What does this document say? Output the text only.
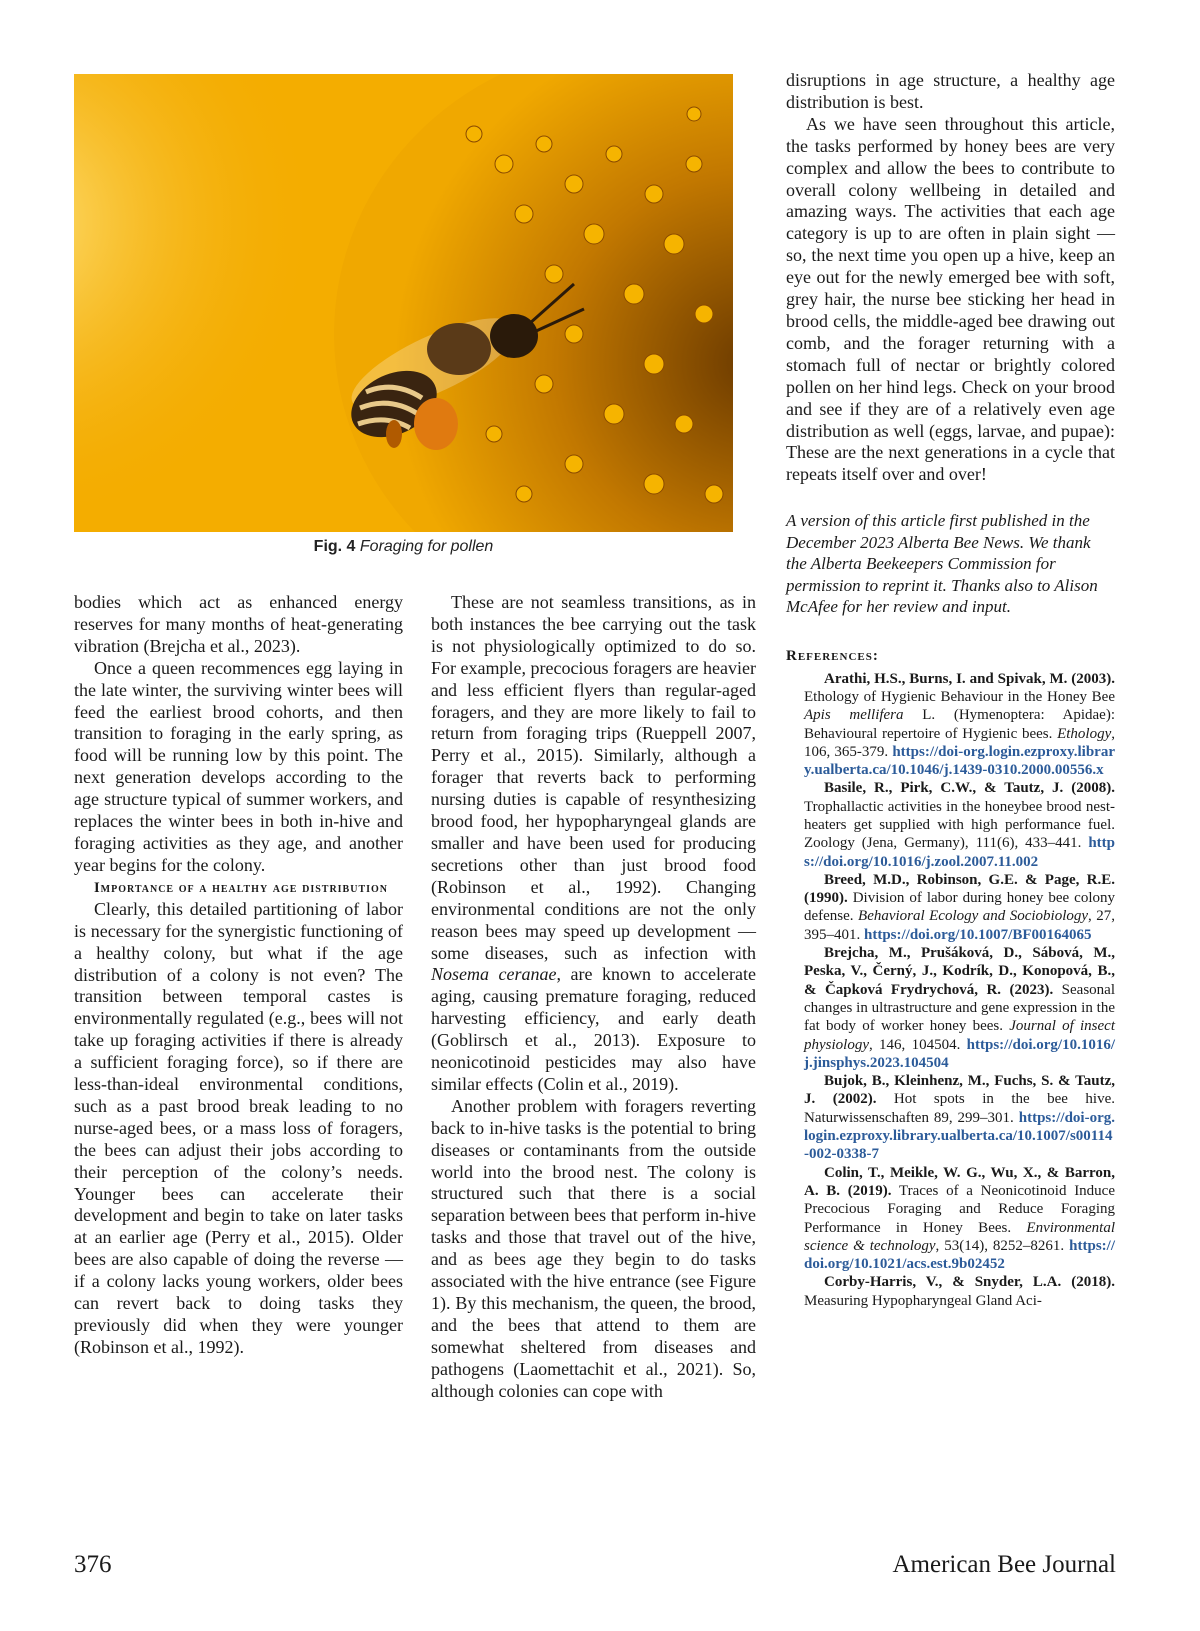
Fig. 4 Foraging for pollen

bodies which act as enhanced energy reserves for many months of heat-generating vibration (Brejcha et al., 2023).

Once a queen recommences egg laying in the late winter, the surviving winter bees will feed the earliest brood cohorts, and then transition to foraging in the early spring, as food will be running low by this point. The next generation develops according to the age structure typical of summer workers, and replaces the winter bees in both in-hive and foraging activities as they age, and another year begins for the colony.

Importance of a healthy age distribution

Clearly, this detailed partitioning of labor is necessary for the synergistic functioning of a healthy colony, but what if the age distribution of a colony is not even? The transition between temporal castes is environmentally regulated (e.g., bees will not take up foraging activities if there is already a sufficient foraging force), so if there are less-than-ideal environmental conditions, such as a past brood break leading to no nurse-aged bees, or a mass loss of foragers, the bees can adjust their jobs according to their perception of the colony’s needs. Younger bees can accelerate their development and begin to take on later tasks at an earlier age (Perry et al., 2015). Older bees are also capable of doing the reverse — if a colony lacks young workers, older bees can revert back to doing tasks they previously did when they were younger (Robinson et al., 1992).

These are not seamless transitions, as in both instances the bee carrying out the task is not physiologically optimized to do so. For example, precocious foragers are heavier and less efficient flyers than regular-aged foragers, and they are more likely to fail to return from foraging trips (Rueppell 2007, Perry et al., 2015). Similarly, although a forager that reverts back to performing nursing duties is capable of resynthesizing brood food, her hypopharyngeal glands are smaller and have been used for producing secretions other than just brood food (Robinson et al., 1992). Changing environmental conditions are not the only reason bees may speed up development — some diseases, such as infection with Nosema ceranae, are known to accelerate aging, causing premature foraging, reduced harvesting efficiency, and early death (Goblirsch et al., 2013). Exposure to neonicotinoid pesticides may also have similar effects (Colin et al., 2019).

Another problem with foragers reverting back to in-hive tasks is the potential to bring diseases or contaminants from the outside world into the brood nest. The colony is structured such that there is a social separation between bees that perform in-hive tasks and those that travel out of the hive, and as bees age they begin to do tasks associated with the hive entrance (see Figure 1). By this mechanism, the queen, the brood, and the bees that attend to them are somewhat sheltered from diseases and pathogens (Laomettachit et al., 2021). So, although colonies can cope with

disruptions in age structure, a healthy age distribution is best.

As we have seen throughout this article, the tasks performed by honey bees are very complex and allow the bees to contribute to overall colony wellbeing in detailed and amazing ways. The activities that each age category is up to are often in plain sight — so, the next time you open up a hive, keep an eye out for the newly emerged bee with soft, grey hair, the nurse bee sticking her head in brood cells, the middle-aged bee drawing out comb, and the forager returning with a stomach full of nectar or brightly colored pollen on her hind legs. Check on your brood and see if they are of a relatively even age distribution as well (eggs, larvae, and pupae): These are the next generations in a cycle that repeats itself over and over!

A version of this article first published in the December 2023 Alberta Bee News. We thank the Alberta Beekeepers Commission for permission to reprint it. Thanks also to Alison McAfee for her review and input.

References:

Arathi, H.S., Burns, I. and Spivak, M. (2003). Ethology of Hygienic Behaviour in the Honey Bee Apis mellifera L. (Hymenoptera: Apidae): Behavioural repertoire of Hygienic bees. Ethology, 106, 365-379. https://doi-org.login.ezproxy.library.ualberta.ca/10.1046/j.1439-0310.2000.00556.x

Basile, R., Pirk, C.W., & Tautz, J. (2008). Trophallactic activities in the honeybee brood nest-heaters get supplied with high performance fuel. Zoology (Jena, Germany), 111(6), 433–441. https://doi.org/10.1016/j.zool.2007.11.002

Breed, M.D., Robinson, G.E. & Page, R.E. (1990). Division of labor during honey bee colony defense. Behavioral Ecology and Sociobiology, 27, 395–401. https://doi.org/10.1007/BF00164065

Brejcha, M., Prušáková, D., Sábová, M., Peska, V., Černý, J., Kodrík, D., Konopová, B., & Čapková Frydrychová, R. (2023). Seasonal changes in ultrastructure and gene expression in the fat body of worker honey bees. Journal of insect physiology, 146, 104504. https://doi.org/10.1016/j.jinsphys.2023.104504

Bujok, B., Kleinhenz, M., Fuchs, S. & Tautz, J. (2002). Hot spots in the bee hive. Naturwissenschaften 89, 299–301. https://doi-org.login.ezproxy.library.ualberta.ca/10.1007/s00114-002-0338-7

Colin, T., Meikle, W. G., Wu, X., & Barron, A. B. (2019). Traces of a Neonicotinoid Induce Precocious Foraging and Reduce Foraging Performance in Honey Bees. Environmental science & technology, 53(14), 8252–8261. https://doi.org/10.1021/acs.est.9b02452

Corby-Harris, V., & Snyder, L.A. (2018). Measuring Hypopharyngeal Gland Aci-

376	American Bee Journal
